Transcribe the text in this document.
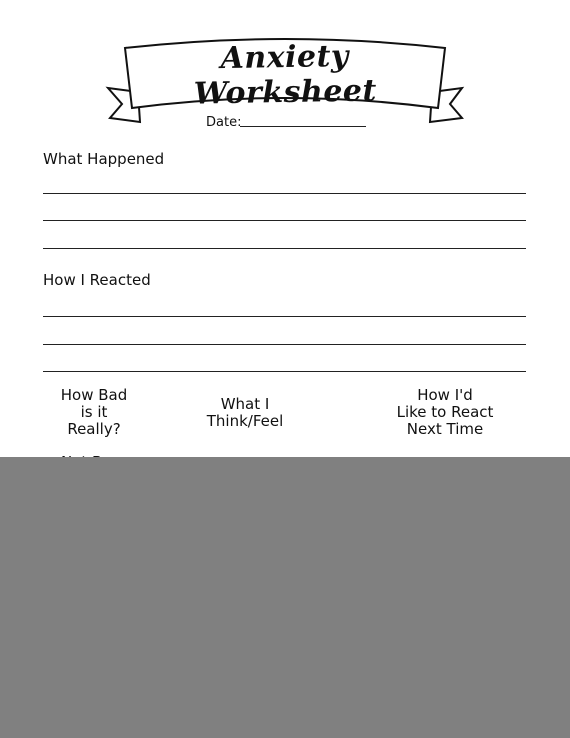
Anxiety Worksheet
Date:
What Happened
How I Reacted
How Bad
is it
Really?
What I
Think/Feel
How I'd
Like to React
Next Time
